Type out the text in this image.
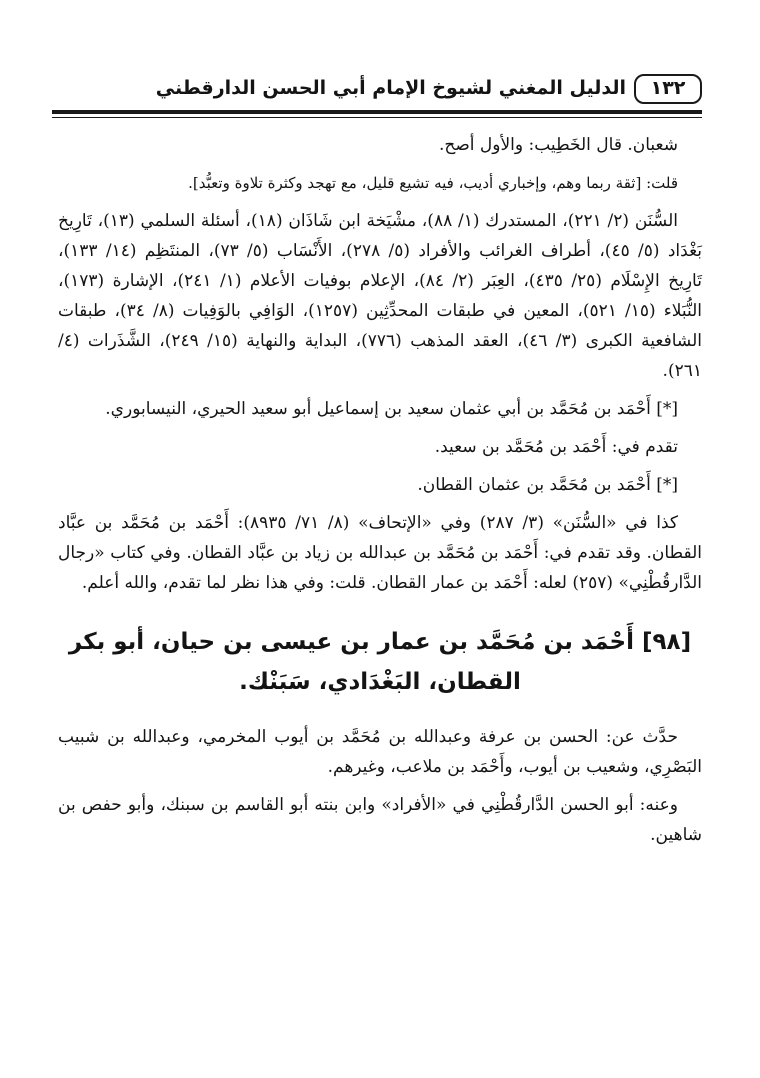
الدليل المغني لشيوخ الإمام أبي الحسن الدارقطني	١٣٢
شعبان. قال الخَطِيب: والأول أصح.
قلت: [ثقة ربما وهم، وإخباري أديب، فيه تشيع قليل، مع تهجد وكثرة تلاوة وتعبُّد].
السُّنَن (٢/ ٢٢١)، المستدرك (١/ ٨٨)، مشْيَخة ابن شَاذَان (١٨)، أسئلة السلمي (١٣)، تَارِيخ بَغْدَاد (٥/ ٤٥)، أطراف الغرائب والأفراد (٥/ ٢٧٨)، الأَنْسَاب (٥/ ٧٣)، المنتَظِم (١٤/ ١٣٣)، تَارِيخ الإِسْلَام (٢٥/ ٤٣٥)، العِبَر (٢/ ٨٤)، الإعلام بوفيات الأعلام (١/ ٢٤١)، الإشارة (١٧٣)، النُّبَلاء (١٥/ ٥٢١)، المعين في طبقات المحدِّثِين (١٢٥٧)، الوَافِي بالوَفِيات (٨/ ٣٤)، طبقات الشافعية الكبرى (٣/ ٤٦)، العقد المذهب (٧٧٦)، البداية والنهاية (١٥/ ٢٤٩)، الشَّذَرات (٤/ ٢٦١).
[*] أَحْمَد بن مُحَمَّد بن أبي عثمان سعيد بن إسماعيل أبو سعيد الحيري، النيسابوري.
تقدم في: أَحْمَد بن مُحَمَّد بن سعيد.
[*] أَحْمَد بن مُحَمَّد بن عثمان القطان.
كذا في «السُّنَن» (٣/ ٢٨٧) وفي «الإتحاف» (٨/ ٧١/ ٨٩٣٥): أَحْمَد بن مُحَمَّد بن عبَّاد القطان. وقد تقدم في: أَحْمَد بن مُحَمَّد بن عبدالله بن زياد بن عبَّاد القطان. وفي كتاب «رجال الدَّارقُطْنِي» (٢٥٧) لعله: أَحْمَد بن عمار القطان. قلت: وفي هذا نظر لما تقدم، والله أعلم.
[٩٨] أَحْمَد بن مُحَمَّد بن عمار بن عيسى بن حيان، أبو بكر
القطان، البَغْدَادي، سَبَنْك.
حدَّث عن: الحسن بن عرفة وعبدالله بن مُحَمَّد بن أيوب المخرمي، وعبدالله بن شبيب البَصْرِي، وشعيب بن أيوب، وأَحْمَد بن ملاعب، وغيرهم.
وعنه: أبو الحسن الدَّارقُطْنِي في «الأفراد» وابن بنته أبو القاسم بن سبنك، وأبو حفص بن شاهين.
